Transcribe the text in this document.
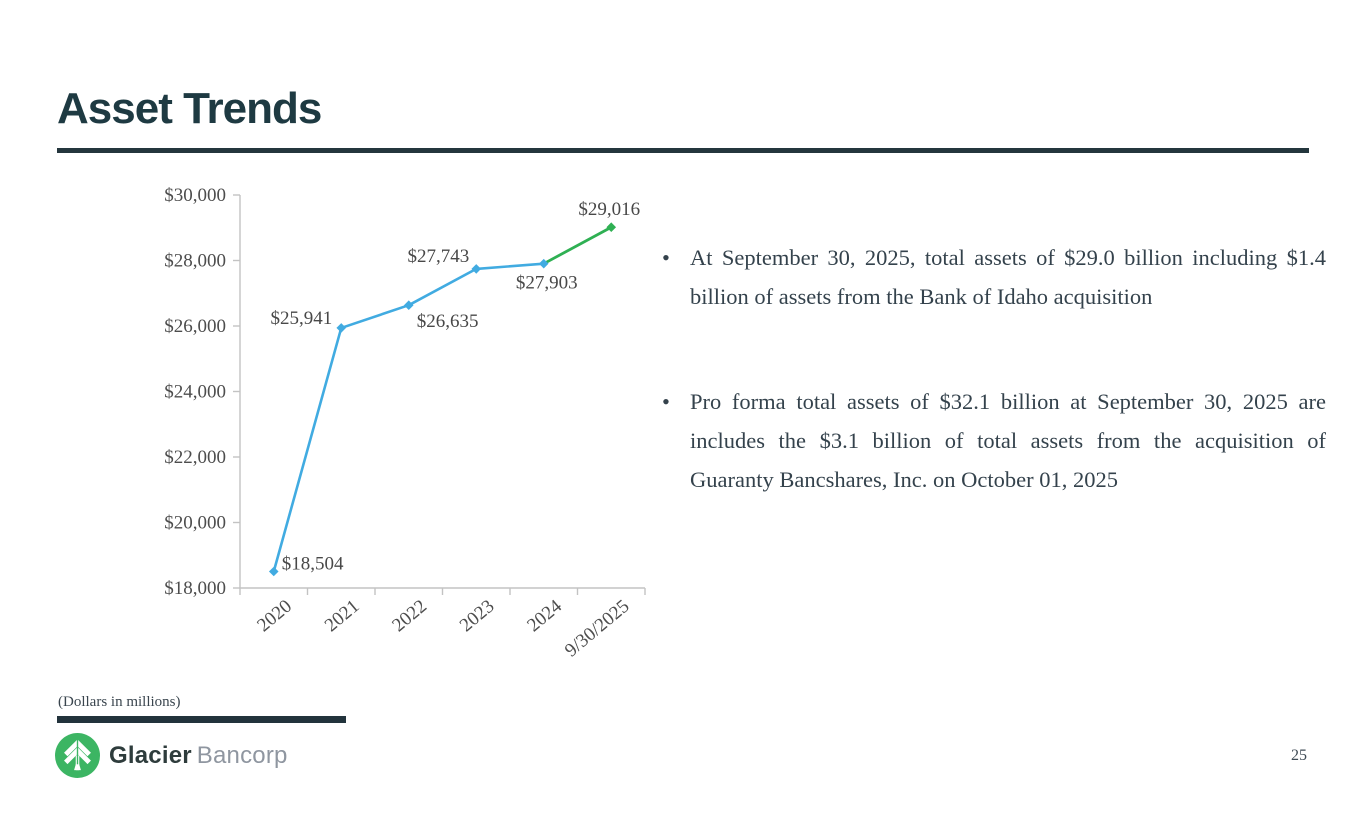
Asset Trends
$18,000
$20,000
$22,000
$24,000
$26,000
$28,000
$30,000
2020 2021 2022 2023 2024
9/30/2025
$18,504
$25,941	$26,635
$27,743
$27,903
$29,016
• At September 30, 2025, total assets of $29.0 billion including $1.4 billion of assets from the Bank of Idaho acquisition
• Pro forma total assets of $32.1 billion at September 30, 2025 are includes the $3.1 billion of total assets from the acquisition of Guaranty Bancshares, Inc. on October 01, 2025
(Dollars in millions)
Glacier Bancorp	25
